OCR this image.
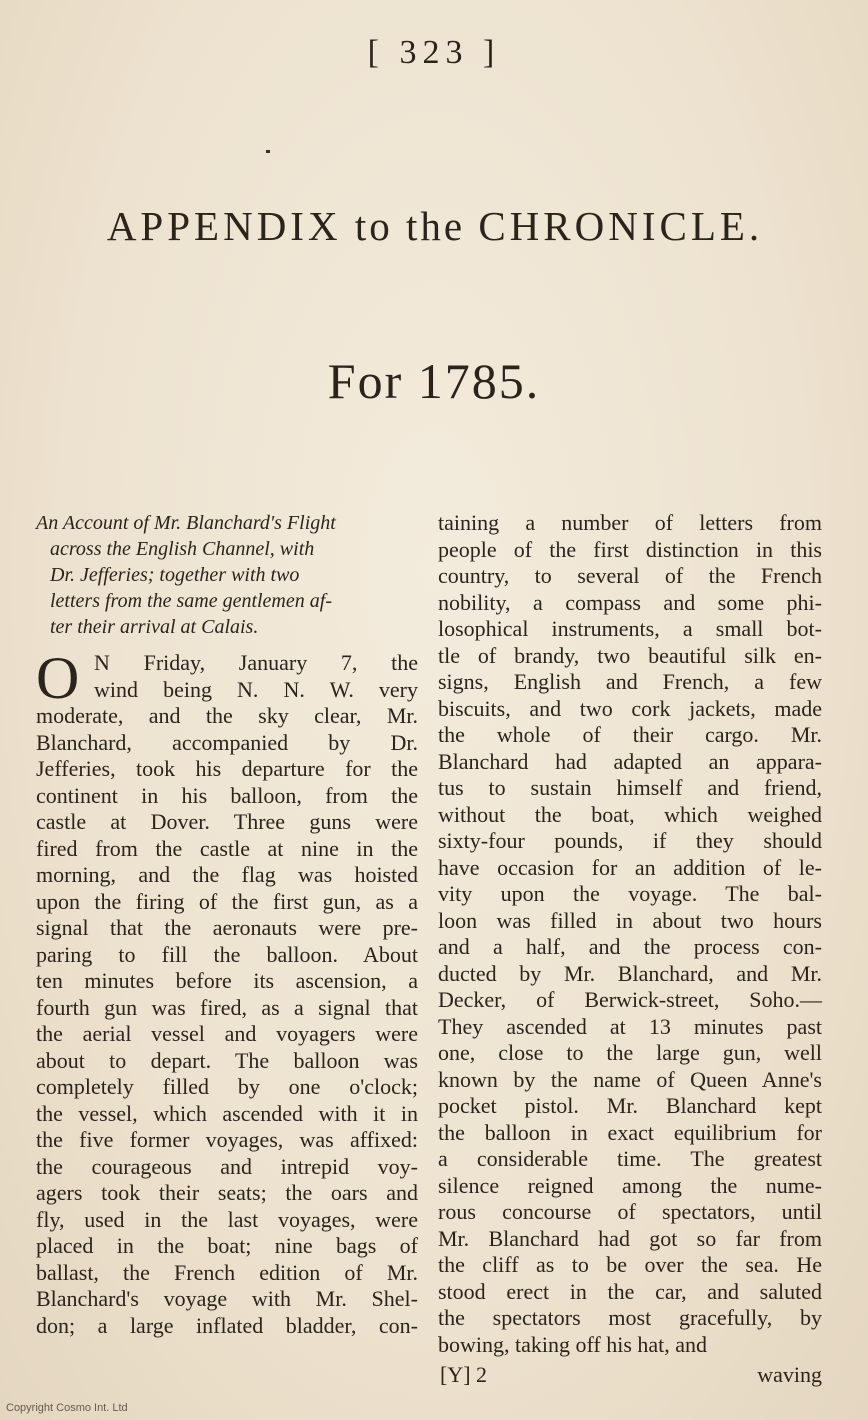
[ 323 ]
APPENDIX to the CHRONICLE.
For 1785.
An Account of Mr. Blanchard's Flight
across the English Channel, with
Dr. Jefferies; together with two
letters from the same gentlemen af-
ter their arrival at Calais.
O N Friday, January 7, the
wind being N. N. W. very
moderate, and the sky clear, Mr.
Blanchard, accompanied by Dr.
Jefferies, took his departure for the
continent in his balloon, from the
castle at Dover. Three guns were
fired from the castle at nine in the
morning, and the flag was hoisted
upon the firing of the first gun, as a
signal that the aeronauts were pre-
paring to fill the balloon. About
ten minutes before its ascension, a
fourth gun was fired, as a signal that
the aerial vessel and voyagers were
about to depart. The balloon was
completely filled by one o'clock;
the vessel, which ascended with it in
the five former voyages, was affixed:
the courageous and intrepid voy-
agers took their seats; the oars and
fly, used in the last voyages, were
placed in the boat; nine bags of
ballast, the French edition of Mr.
Blanchard's voyage with Mr. Shel-
don; a large inflated bladder, con-
taining a number of letters from
people of the first distinction in this
country, to several of the French
nobility, a compass and some phi-
losophical instruments, a small bot-
tle of brandy, two beautiful silk en-
signs, English and French, a few
biscuits, and two cork jackets, made
the whole of their cargo. Mr.
Blanchard had adapted an appara-
tus to sustain himself and friend,
without the boat, which weighed
sixty-four pounds, if they should
have occasion for an addition of le-
vity upon the voyage. The bal-
loon was filled in about two hours
and a half, and the process con-
ducted by Mr. Blanchard, and Mr.
Decker, of Berwick-street, Soho.—
They ascended at 13 minutes past
one, close to the large gun, well
known by the name of Queen Anne's
pocket pistol. Mr. Blanchard kept
the balloon in exact equilibrium for
a considerable time. The greatest
silence reigned among the nume-
rous concourse of spectators, until
Mr. Blanchard had got so far from
the cliff as to be over the sea. He
stood erect in the car, and saluted
the spectators most gracefully, by
bowing, taking off his hat, and
[Y] 2	waving
Copyright Cosmo Int. Ltd
